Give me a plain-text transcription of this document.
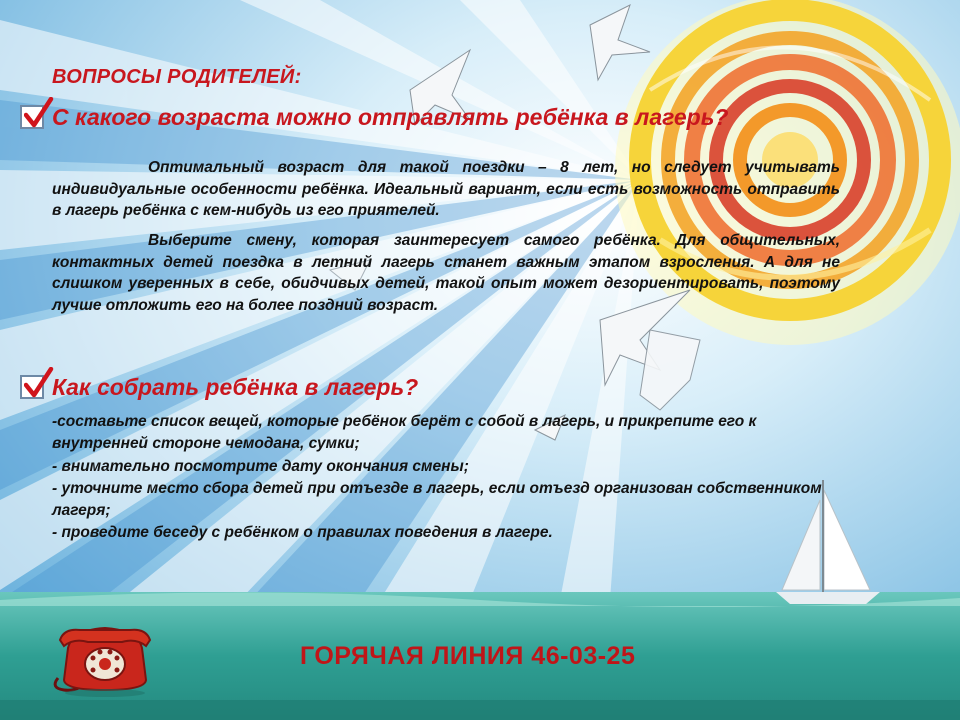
ВОПРОСЫ РОДИТЕЛЕЙ:
С какого возраста можно отправлять ребёнка в лагерь?
Оптимальный возраст для такой поездки – 8 лет, но следует учитывать индивидуальные особенности ребёнка. Идеальный вариант, если есть возможность отправить в лагерь ребёнка с кем-нибудь из его приятелей.
Выберите смену, которая заинтересует самого ребёнка. Для общительных, контактных детей поездка в летний лагерь станет важным этапом взросления. А для не слишком уверенных в себе, обидчивых детей, такой опыт может дезориентировать, поэтому лучше отложить его на более поздний возраст.
Как собрать ребёнка в лагерь?
-составьте список вещей, которые ребёнок берёт с собой в лагерь, и прикрепите его к внутренней стороне чемодана, сумки;
- внимательно посмотрите дату окончания смены;
- уточните место сбора детей при отъезде в лагерь, если отъезд организован собственником лагеря;
- проведите беседу с ребёнком о правилах поведения в лагере.
ГОРЯЧАЯ ЛИНИЯ 46-03-25
